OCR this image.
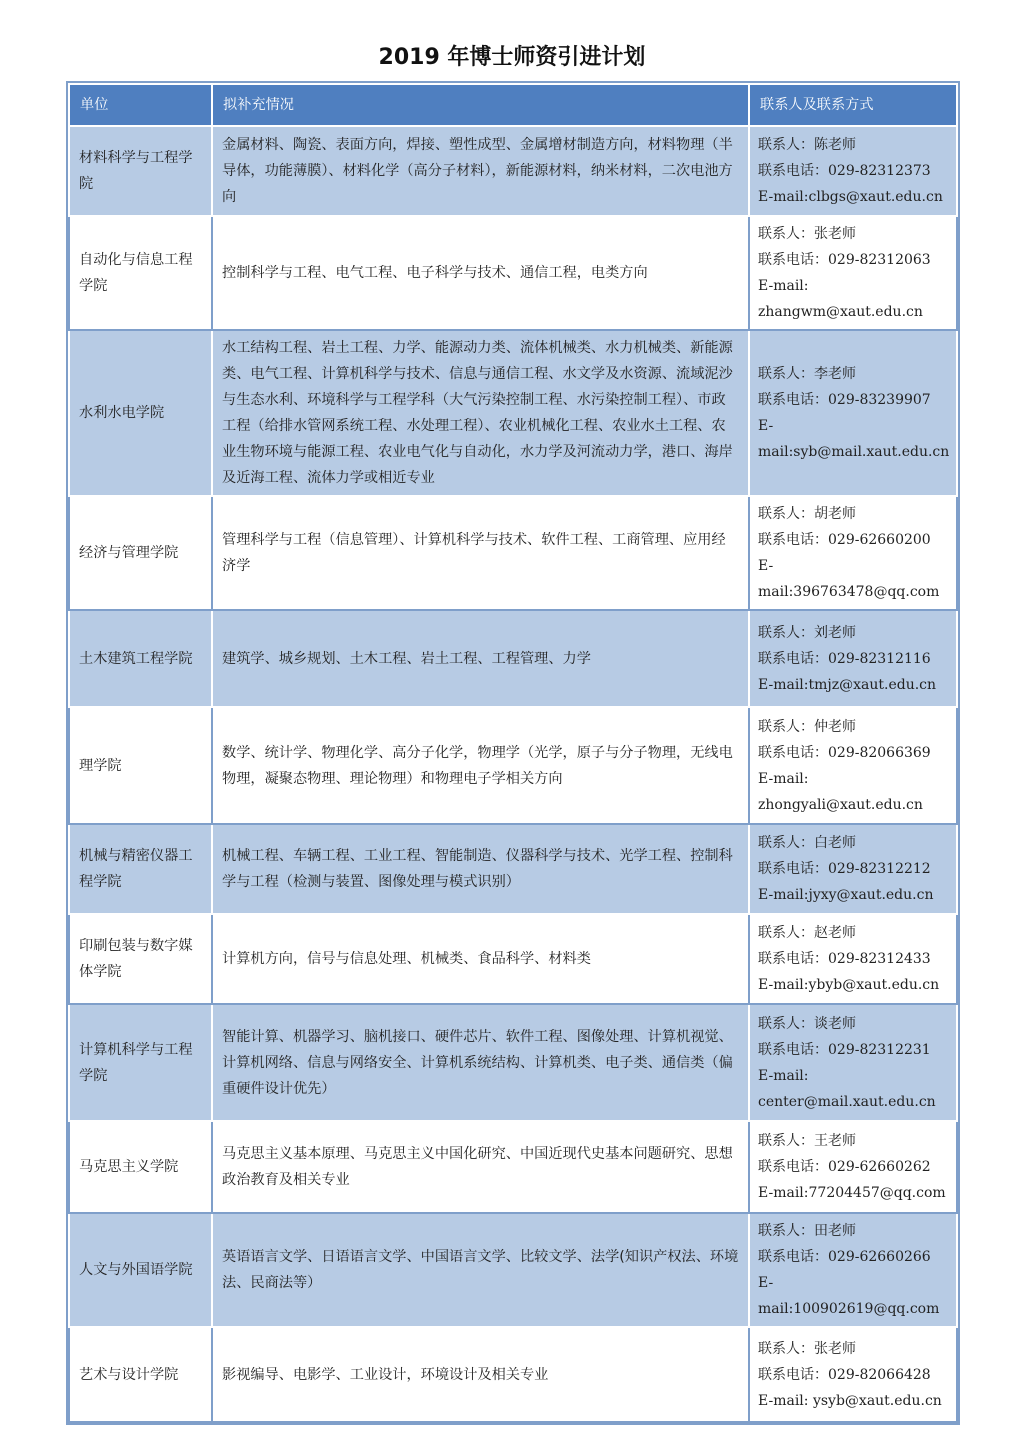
2019 年博士师资引进计划
单位	拟补充情况	联系人及联系方式
材料科学与工程学院	金属材料、陶瓷、表面方向，焊接、塑性成型、金属增材制造方向，材料物理（半导体，功能薄膜）、材料化学（高分子材料），新能源材料，纳米材料，二次电池方向	联系人：陈老师
联系电话：029-82312373
E-mail:clbgs@xaut.edu.cn

自动化与信息工程学院	控制科学与工程、电气工程、电子科学与技术、通信工程，电类方向	联系人：张老师
联系电话：029-82312063
E-mail:
zhangwm@xaut.edu.cn

水利水电学院	水工结构工程、岩土工程、力学、能源动力类、流体机械类、水力机械类、新能源类、电气工程、计算机科学与技术、信息与通信工程、水文学及水资源、流域泥沙与生态水利、环境科学与工程学科（大气污染控制工程、水污染控制工程）、市政工程（给排水管网系统工程、水处理工程）、农业机械化工程、农业水土工程、农业生物环境与能源工程、农业电气化与自动化，水力学及河流动力学，港口、海岸及近海工程、流体力学或相近专业	联系人：李老师
联系电话：029-83239907
E-mail:syb@mail.xaut.edu.cn

经济与管理学院	管理科学与工程（信息管理）、计算机科学与技术、软件工程、工商管理、应用经济学	联系人：胡老师
联系电话：029-62660200
E-mail:396763478@qq.com

土木建筑工程学院	建筑学、城乡规划、土木工程、岩土工程、工程管理、力学	联系人：刘老师
联系电话：029-82312116
E-mail:tmjz@xaut.edu.cn

理学院	数学、统计学、物理化学、高分子化学，物理学（光学，原子与分子物理，无线电物理，凝聚态物理、理论物理）和物理电子学相关方向	联系人：仲老师
联系电话：029-82066369
E-mail:
zhongyali@xaut.edu.cn

机械与精密仪器工程学院	机械工程、车辆工程、工业工程、智能制造、仪器科学与技术、光学工程、控制科学与工程（检测与装置、图像处理与模式识别）	联系人：白老师
联系电话：029-82312212
E-mail:jyxy@xaut.edu.cn

印刷包装与数字媒体学院	计算机方向，信号与信息处理、机械类、食品科学、材料类	联系人：赵老师
联系电话：029-82312433
E-mail:ybyb@xaut.edu.cn

计算机科学与工程学院	智能计算、机器学习、脑机接口、硬件芯片、软件工程、图像处理、计算机视觉、计算机网络、信息与网络安全、计算机系统结构、计算机类、电子类、通信类（偏重硬件设计优先）	联系人：谈老师
联系电话：029-82312231
E-mail:
center@mail.xaut.edu.cn

马克思主义学院	马克思主义基本原理、马克思主义中国化研究、中国近现代史基本问题研究、思想政治教育及相关专业	联系人：王老师
联系电话：029-62660262
E-mail:77204457@qq.com

人文与外国语学院	英语语言文学、日语语言文学、中国语言文学、比较文学、法学(知识产权法、环境法、民商法等）	联系人：田老师
联系电话：029-62660266
E-mail:100902619@qq.com

艺术与设计学院	影视编导、电影学、工业设计，环境设计及相关专业	联系人：张老师
联系电话：029-82066428
E-mail: ysyb@xaut.edu.cn
